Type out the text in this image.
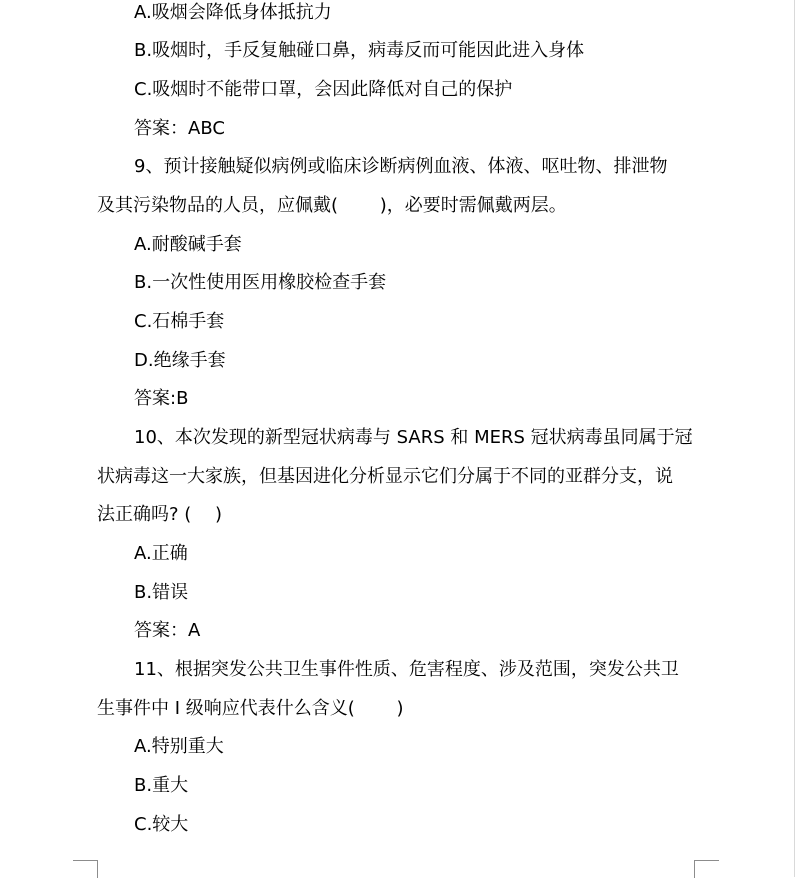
A.吸烟会降低身体抵抗力

B.吸烟时，手反复触碰口鼻，病毒反而可能因此进入身体

C.吸烟时不能带口罩，会因此降低对自己的保护

答案：ABC

9、预计接触疑似病例或临床诊断病例血液、体液、呕吐物、排泄物

及其污染物品的人员，应佩戴(　　 )，必要时需佩戴两层。

A.耐酸碱手套

B.一次性使用医用橡胶检查手套

C.石棉手套

D.绝缘手套

答案:B

10、本次发现的新型冠状病毒与 SARS 和 MERS 冠状病毒虽同属于冠

状病毒这一大家族，但基因进化分析显示它们分属于不同的亚群分支，说

法正确吗? (　 )

A.正确

B.错误

答案：A

11、根据突发公共卫生事件性质、危害程度、涉及范围，突发公共卫

生事件中 I 级响应代表什么含义(　　 )

A.特别重大

B.重大

C.较大
